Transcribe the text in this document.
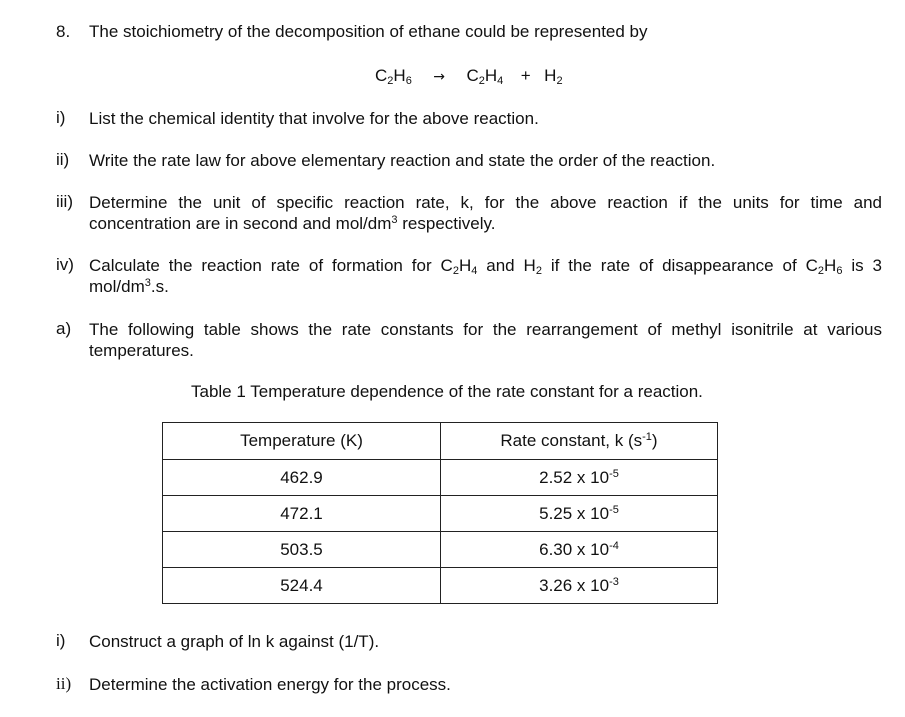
8. The stoichiometry of the decomposition of ethane could be represented by
$C_2H_6 \to C_2H_4 + H_2$
i) List the chemical identity that involve for the above reaction.
ii) Write the rate law for above elementary reaction and state the order of the reaction.
iii) Determine the unit of specific reaction rate, k, for the above reaction if the units for time and concentration are in second and mol/$dm^3$ respectively.
iv) Calculate the reaction rate of formation for $C_2H_4$ and $H_2$ if the rate of disappearance of $C_2H_6$ is 3 mol/$dm^3.s$.
a) The following table shows the rate constants for the rearrangement of methyl isonitrile at various temperatures.
Table 1 Temperature dependence of the rate constant for a reaction.
Temperature (K)	Rate constant, k $(s^{-1})$
462.9	2.52 x $10^{-5}$
472.1	5.25 x $10^{-5}$
503.5	6.30 x $10^{-4}$
524.4	3.26 x $10^{-3}$
i) Construct a graph of ln k against (1/T).
ii) Determine the activation energy for the process.
